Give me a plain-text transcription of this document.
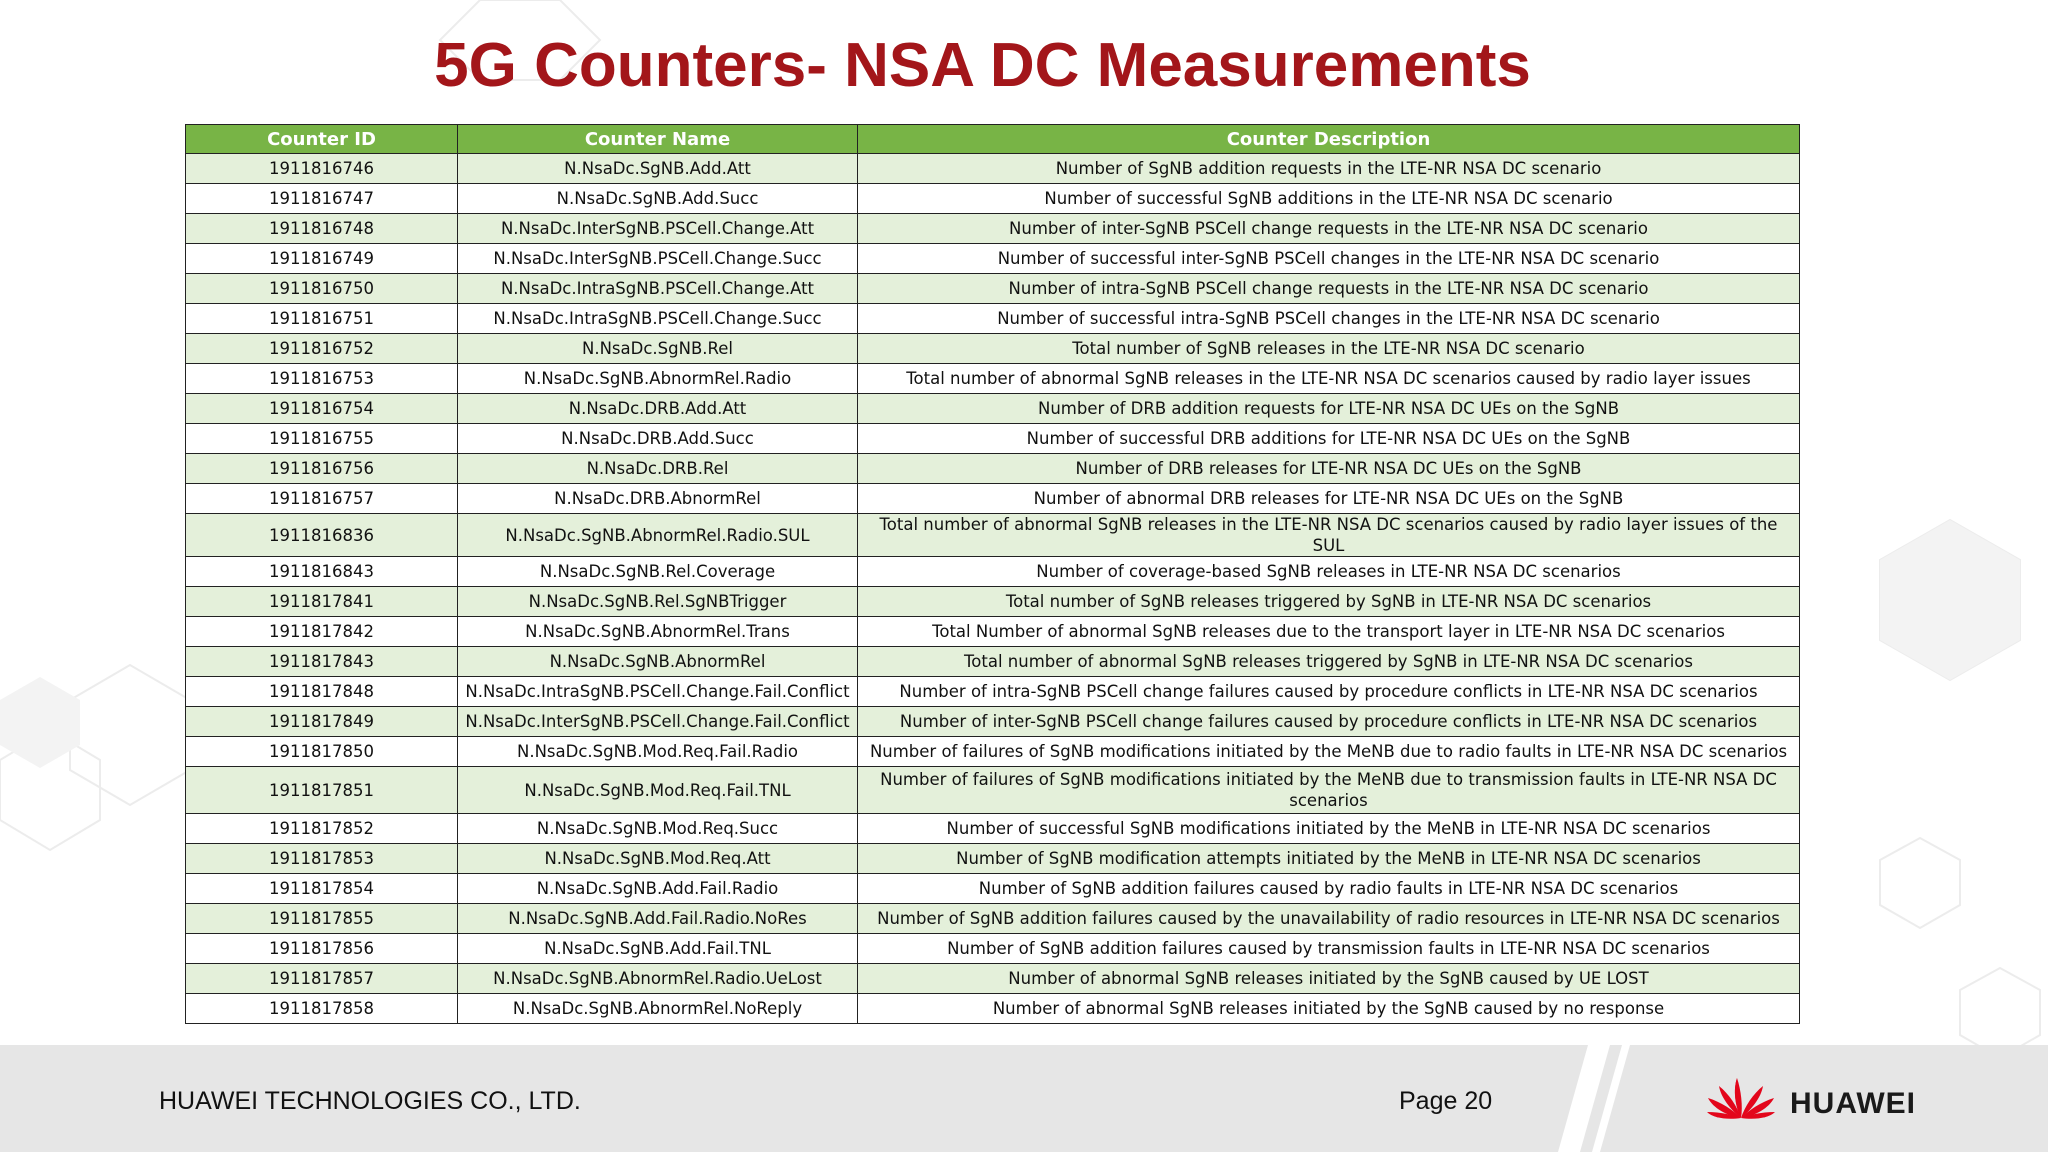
5G Counters- NSA DC Measurements
Counter ID	Counter Name	Counter Description
1911816746	N.NsaDc.SgNB.Add.Att	Number of SgNB addition requests in the LTE-NR NSA DC scenario
1911816747	N.NsaDc.SgNB.Add.Succ	Number of successful SgNB additions in the LTE-NR NSA DC scenario
1911816748	N.NsaDc.InterSgNB.PSCell.Change.Att	Number of inter-SgNB PSCell change requests in the LTE-NR NSA DC scenario
1911816749	N.NsaDc.InterSgNB.PSCell.Change.Succ	Number of successful inter-SgNB PSCell changes in the LTE-NR NSA DC scenario
1911816750	N.NsaDc.IntraSgNB.PSCell.Change.Att	Number of intra-SgNB PSCell change requests in the LTE-NR NSA DC scenario
1911816751	N.NsaDc.IntraSgNB.PSCell.Change.Succ	Number of successful intra-SgNB PSCell changes in the LTE-NR NSA DC scenario
1911816752	N.NsaDc.SgNB.Rel	Total number of SgNB releases in the LTE-NR NSA DC scenario
1911816753	N.NsaDc.SgNB.AbnormRel.Radio	Total number of abnormal SgNB releases in the LTE-NR NSA DC scenarios caused by radio layer issues
1911816754	N.NsaDc.DRB.Add.Att	Number of DRB addition requests for LTE-NR NSA DC UEs on the SgNB
1911816755	N.NsaDc.DRB.Add.Succ	Number of successful DRB additions for LTE-NR NSA DC UEs on the SgNB
1911816756	N.NsaDc.DRB.Rel	Number of DRB releases for LTE-NR NSA DC UEs on the SgNB
1911816757	N.NsaDc.DRB.AbnormRel	Number of abnormal DRB releases for LTE-NR NSA DC UEs on the SgNB
1911816836	N.NsaDc.SgNB.AbnormRel.Radio.SUL	Total number of abnormal SgNB releases in the LTE-NR NSA DC scenarios caused by radio layer issues of the SUL
1911816843	N.NsaDc.SgNB.Rel.Coverage	Number of coverage-based SgNB releases in LTE-NR NSA DC scenarios
1911817841	N.NsaDc.SgNB.Rel.SgNBTrigger	Total number of SgNB releases triggered by SgNB in LTE-NR NSA DC scenarios
1911817842	N.NsaDc.SgNB.AbnormRel.Trans	Total Number of abnormal SgNB releases due to the transport layer in LTE-NR NSA DC scenarios
1911817843	N.NsaDc.SgNB.AbnormRel	Total number of abnormal SgNB releases triggered by SgNB in LTE-NR NSA DC scenarios
1911817848	N.NsaDc.IntraSgNB.PSCell.Change.Fail.Conflict	Number of intra-SgNB PSCell change failures caused by procedure conflicts in LTE-NR NSA DC scenarios
1911817849	N.NsaDc.InterSgNB.PSCell.Change.Fail.Conflict	Number of inter-SgNB PSCell change failures caused by procedure conflicts in LTE-NR NSA DC scenarios
1911817850	N.NsaDc.SgNB.Mod.Req.Fail.Radio	Number of failures of SgNB modifications initiated by the MeNB due to radio faults in LTE-NR NSA DC scenarios
1911817851	N.NsaDc.SgNB.Mod.Req.Fail.TNL	Number of failures of SgNB modifications initiated by the MeNB due to transmission faults in LTE-NR NSA DC scenarios
1911817852	N.NsaDc.SgNB.Mod.Req.Succ	Number of successful SgNB modifications initiated by the MeNB in LTE-NR NSA DC scenarios
1911817853	N.NsaDc.SgNB.Mod.Req.Att	Number of SgNB modification attempts initiated by the MeNB in LTE-NR NSA DC scenarios
1911817854	N.NsaDc.SgNB.Add.Fail.Radio	Number of SgNB addition failures caused by radio faults in LTE-NR NSA DC scenarios
1911817855	N.NsaDc.SgNB.Add.Fail.Radio.NoRes	Number of SgNB addition failures caused by the unavailability of radio resources in LTE-NR NSA DC scenarios
1911817856	N.NsaDc.SgNB.Add.Fail.TNL	Number of SgNB addition failures caused by transmission faults in LTE-NR NSA DC scenarios
1911817857	N.NsaDc.SgNB.AbnormRel.Radio.UeLost	Number of abnormal SgNB releases initiated by the SgNB caused by UE LOST
1911817858	N.NsaDc.SgNB.AbnormRel.NoReply	Number of abnormal SgNB releases initiated by the SgNB caused by no response
HUAWEI TECHNOLOGIES CO., LTD.	Page 20	HUAWEI
